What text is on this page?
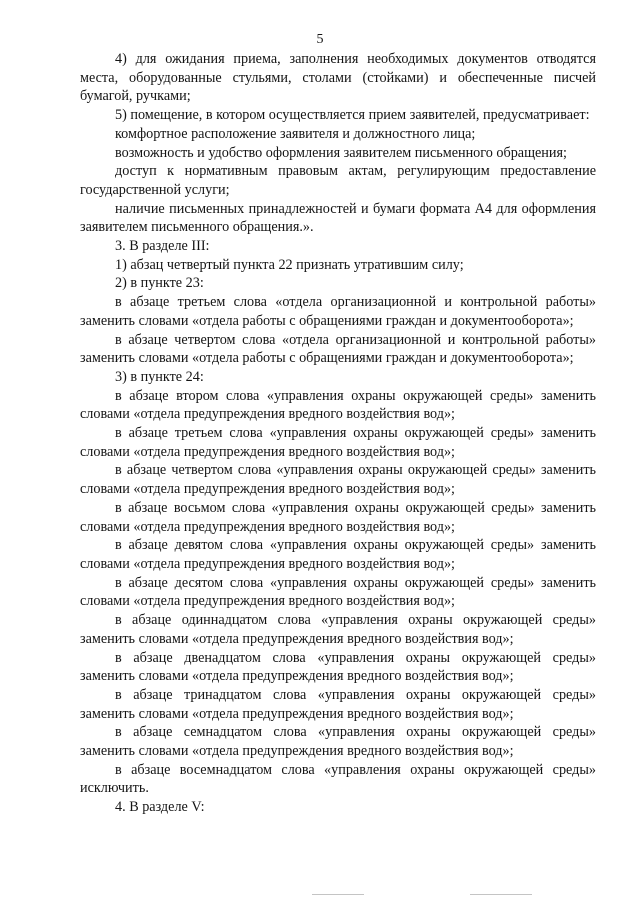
5

4) для ожидания приема, заполнения необходимых документов отводятся места, оборудованные стульями, столами (стойками) и обеспеченные писчей бумагой, ручками;

5) помещение, в котором осуществляется прием заявителей, предусматривает:

комфортное расположение заявителя и должностного лица;

возможность и удобство оформления заявителем письменного обращения;

доступ к нормативным правовым актам, регулирующим предоставление государственной услуги;

наличие письменных принадлежностей и бумаги формата А4 для оформления заявителем письменного обращения.».

3. В разделе III:

1) абзац четвертый пункта 22 признать утратившим силу;

2) в пункте 23:

в абзаце третьем слова «отдела организационной и контрольной работы» заменить словами «отдела работы с обращениями граждан и документооборота»;

в абзаце четвертом слова «отдела организационной и контрольной работы» заменить словами «отдела работы с обращениями граждан и документооборота»;

3) в пункте 24:

в абзаце втором слова «управления охраны окружающей среды» заменить словами «отдела предупреждения вредного воздействия вод»;

в абзаце третьем слова «управления охраны окружающей среды» заменить словами «отдела предупреждения вредного воздействия вод»;

в абзаце четвертом слова «управления охраны окружающей среды» заменить словами «отдела предупреждения вредного воздействия вод»;

в абзаце восьмом слова «управления охраны окружающей среды» заменить словами «отдела предупреждения вредного воздействия вод»;

в абзаце девятом слова «управления охраны окружающей среды» заменить словами «отдела предупреждения вредного воздействия вод»;

в абзаце десятом слова «управления охраны окружающей среды» заменить словами «отдела предупреждения вредного воздействия вод»;

в абзаце одиннадцатом слова «управления охраны окружающей среды» заменить словами «отдела предупреждения вредного воздействия вод»;

в абзаце двенадцатом слова «управления охраны окружающей среды» заменить словами «отдела предупреждения вредного воздействия вод»;

в абзаце тринадцатом слова «управления охраны окружающей среды» заменить словами «отдела предупреждения вредного воздействия вод»;

в абзаце семнадцатом слова «управления охраны окружающей среды» заменить словами «отдела предупреждения вредного воздействия вод»;

в абзаце восемнадцатом слова «управления охраны окружающей среды» исключить.

4. В разделе V:
